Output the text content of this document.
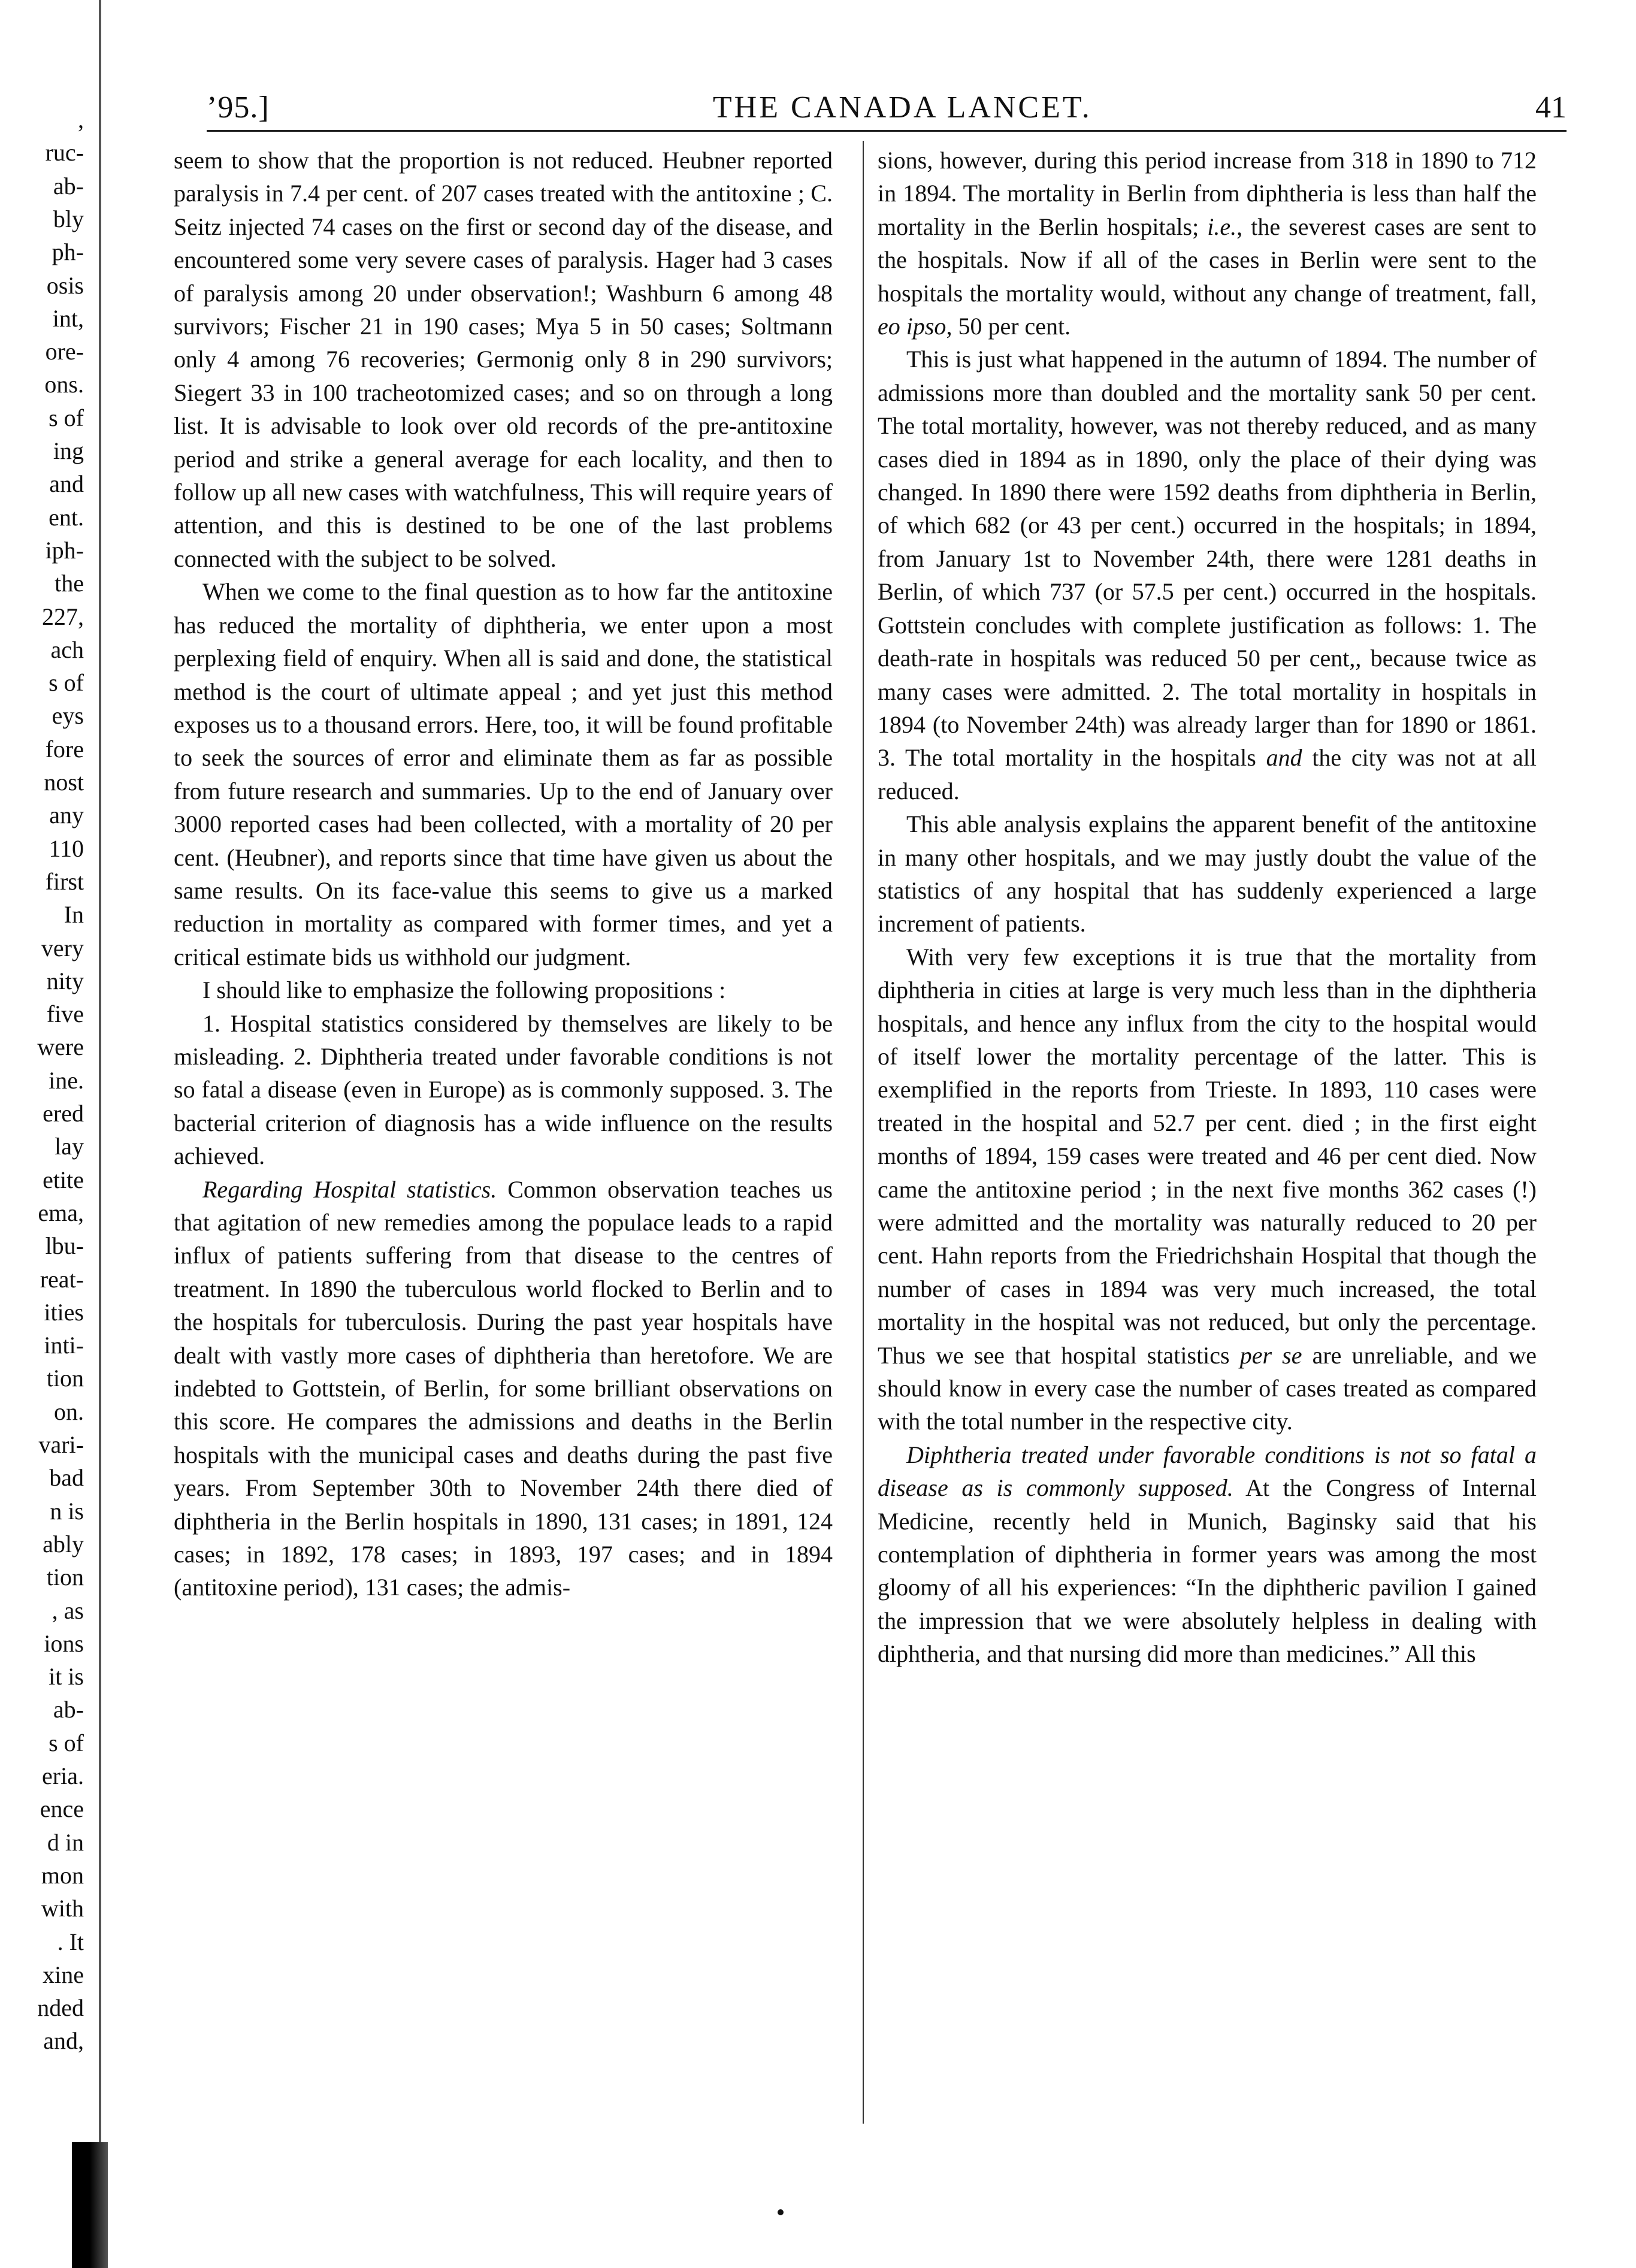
,
ruc-
ab-
bly
ph-
osis
int,
ore-
ons.
s of
ing
and
ent.
iph-
the
227,
ach
s of
eys
fore
nost
any
110
first
In
very
nity
five
were
ine.
ered
lay
etite
ema,
lbu-
reat-
ities
inti-
tion
on.
vari-
bad
n is
ably
tion
, as
ions
it is
ab-
s of
eria.
ence
d in
mon
with
. It
xine
nded
and,
’95.]	THE CANADA LANCET.	41

seem to show that the proportion is not reduced. Heubner reported paralysis in 7.4 per cent. of 207 cases treated with the antitoxine ; C. Seitz injected 74 cases on the first or second day of the disease, and encountered some very severe cases of paralysis. Hager had 3 cases of paralysis among 20 under observation!; Washburn 6 among 48 survivors; Fischer 21 in 190 cases; Mya 5 in 50 cases; Soltmann only 4 among 76 recoveries; Germonig only 8 in 290 survivors; Siegert 33 in 100 tracheotomized cases; and so on through a long list. It is advisable to look over old records of the pre-antitoxine period and strike a general average for each locality, and then to follow up all new cases with watchfulness, This will require years of attention, and this is destined to be one of the last problems connected with the subject to be solved.

When we come to the final question as to how far the antitoxine has reduced the mortality of diphtheria, we enter upon a most perplexing field of enquiry. When all is said and done, the statistical method is the court of ultimate appeal ; and yet just this method exposes us to a thousand errors. Here, too, it will be found profitable to seek the sources of error and eliminate them as far as possible from future research and summaries. Up to the end of January over 3000 reported cases had been collected, with a mortality of 20 per cent. (Heubner), and reports since that time have given us about the same results. On its face-value this seems to give us a marked reduction in mortality as compared with former times, and yet a critical estimate bids us withhold our judgment.

I should like to emphasize the following propositions :

1. Hospital statistics considered by themselves are likely to be misleading. 2. Diphtheria treated under favorable conditions is not so fatal a disease (even in Europe) as is commonly supposed. 3. The bacterial criterion of diagnosis has a wide influence on the results achieved.

Regarding Hospital statistics. Common observation teaches us that agitation of new remedies among the populace leads to a rapid influx of patients suffering from that disease to the centres of treatment. In 1890 the tuberculous world flocked to Berlin and to the hospitals for tuberculosis. During the past year hospitals have dealt with vastly more cases of diphtheria than heretofore. We are indebted to Gottstein, of Berlin, for some brilliant observations on this score. He compares the admissions and deaths in the Berlin hospitals with the municipal cases and deaths during the past five years. From September 30th to November 24th there died of diphtheria in the Berlin hospitals in 1890, 131 cases; in 1891, 124 cases; in 1892, 178 cases; in 1893, 197 cases; and in 1894 (antitoxine period), 131 cases; the admis-

sions, however, during this period increase from 318 in 1890 to 712 in 1894. The mortality in Berlin from diphtheria is less than half the mortality in the Berlin hospitals; i.e., the severest cases are sent to the hospitals. Now if all of the cases in Berlin were sent to the hospitals the mortality would, without any change of treatment, fall, eo ipso, 50 per cent.

This is just what happened in the autumn of 1894. The number of admissions more than doubled and the mortality sank 50 per cent. The total mortality, however, was not thereby reduced, and as many cases died in 1894 as in 1890, only the place of their dying was changed. In 1890 there were 1592 deaths from diphtheria in Berlin, of which 682 (or 43 per cent.) occurred in the hospitals; in 1894, from January 1st to November 24th, there were 1281 deaths in Berlin, of which 737 (or 57.5 per cent.) occurred in the hospitals. Gottstein concludes with complete justification as follows: 1. The death-rate in hospitals was reduced 50 per cent,, because twice as many cases were admitted. 2. The total mortality in hospitals in 1894 (to November 24th) was already larger than for 1890 or 1861. 3. The total mortality in the hospitals and the city was not at all reduced.

This able analysis explains the apparent benefit of the antitoxine in many other hospitals, and we may justly doubt the value of the statistics of any hospital that has suddenly experienced a large increment of patients.

With very few exceptions it is true that the mortality from diphtheria in cities at large is very much less than in the diphtheria hospitals, and hence any influx from the city to the hospital would of itself lower the mortality percentage of the latter. This is exemplified in the reports from Trieste. In 1893, 110 cases were treated in the hospital and 52.7 per cent. died ; in the first eight months of 1894, 159 cases were treated and 46 per cent died. Now came the antitoxine period ; in the next five months 362 cases (!) were admitted and the mortality was naturally reduced to 20 per cent. Hahn reports from the Friedrichshain Hospital that though the number of cases in 1894 was very much increased, the total mortality in the hospital was not reduced, but only the percentage. Thus we see that hospital statistics per se are unreliable, and we should know in every case the number of cases treated as compared with the total number in the respective city.

Diphtheria treated under favorable conditions is not so fatal a disease as is commonly supposed. At the Congress of Internal Medicine, recently held in Munich, Baginsky said that his contemplation of diphtheria in former years was among the most gloomy of all his experiences: “In the diphtheric pavilion I gained the impression that we were absolutely helpless in dealing with diphtheria, and that nursing did more than medicines.” All this
